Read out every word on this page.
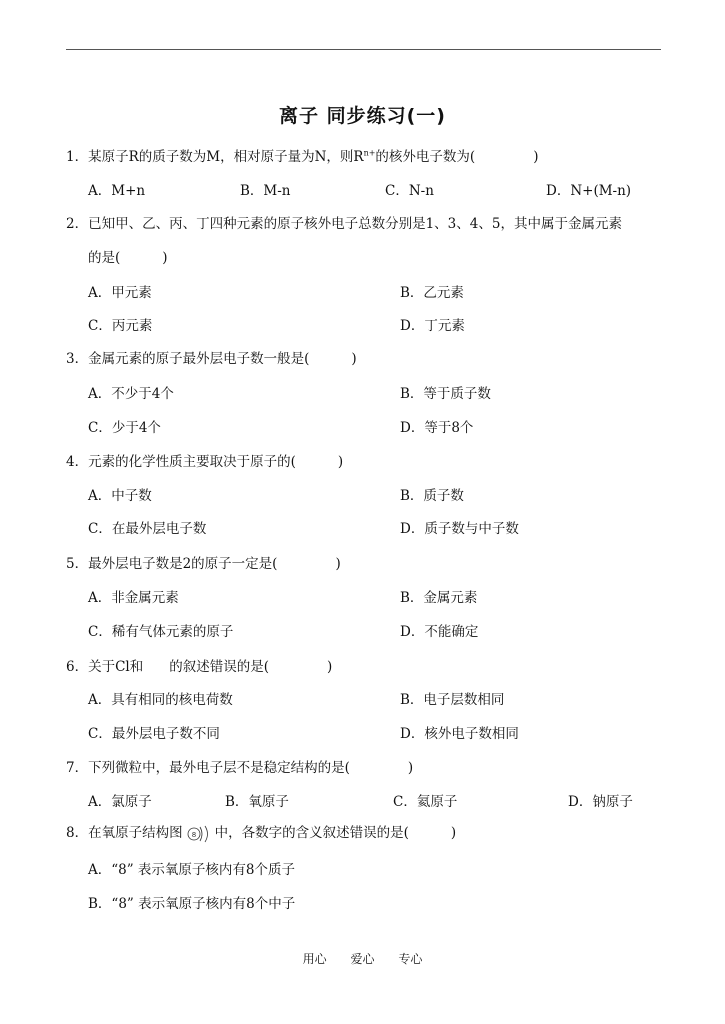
离子 同步练习(一)
1．某原子R的质子数为M，相对原子量为N，则$R^{n+}$的核外电子数为(	)
A．M+n	B．M-n	C．N-n	D．N+(M-n)
2．已知甲、乙、丙、丁四种元素的原子核外电子总数分别是1、3、4、5，其中属于金属元素
的是(	)
A．甲元素	B．乙元素
C．丙元素	D．丁元素
3．金属元素的原子最外层电子数一般是(	)
A．不少于4个	B．等于质子数
C．少于4个	D．等于8个
4．元素的化学性质主要取决于原子的(	)
A．中子数	B．质子数
C．在最外层电子数	D．质子数与中子数
5．最外层电子数是2的原子一定是(	)
A．非金属元素	B．金属元素
C．稀有气体元素的原子	D．不能确定
6．关于Cl和 的叙述错误的是(	)
A．具有相同的核电荷数	B．电子层数相同
C．最外层电子数不同	D．核外电子数相同
7．下列微粒中，最外电子层不是稳定结构的是(	)
A．氯原子	B．氧原子	C．氦原子	D．钠原子
8．在氧原子结构图 8 中，各数字的含义叙述错误的是(	)
A．“8” 表示氧原子核内有8个质子
B．“8” 表示氧原子核内有8个中子
用心 爱心 专心
